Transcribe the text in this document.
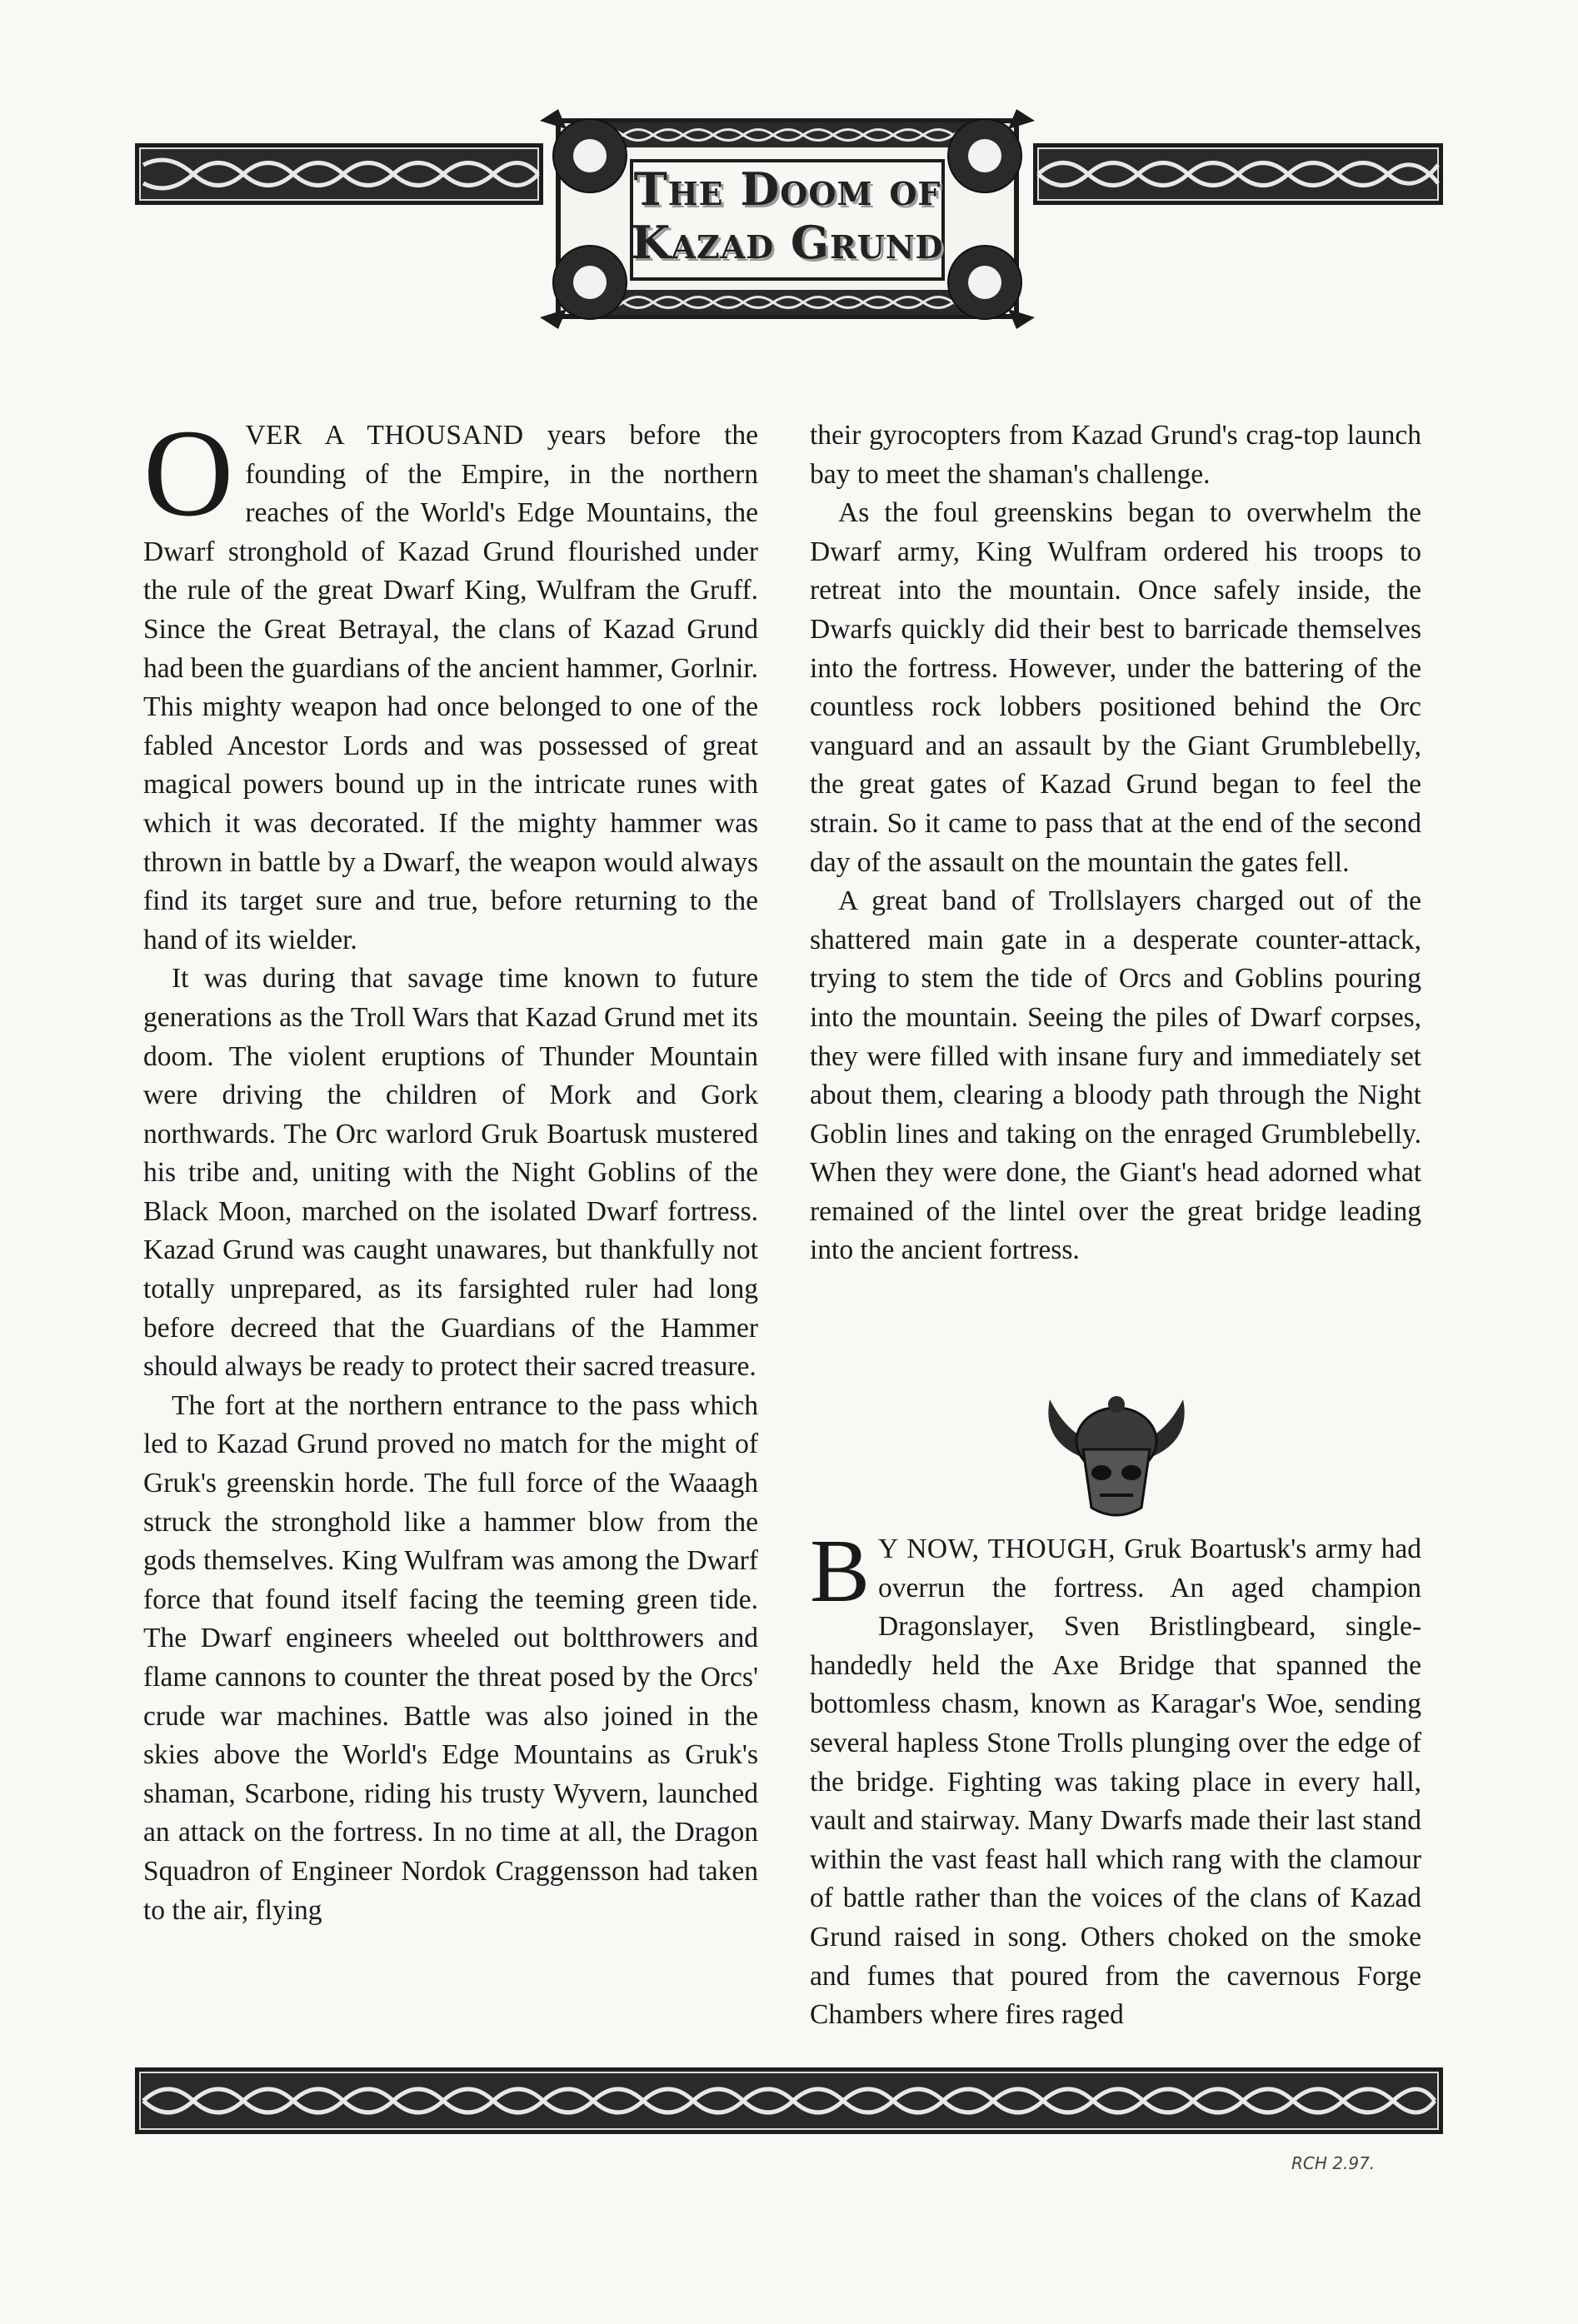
The Doom of
Kazad Grund

OVER A THOUSAND years before the founding of the Empire, in the northern reaches of the World's Edge Mountains, the Dwarf stronghold of Kazad Grund flourished under the rule of the great Dwarf King, Wulfram the Gruff. Since the Great Betrayal, the clans of Kazad Grund had been the guardians of the ancient hammer, Gorlnir. This mighty weapon had once belonged to one of the fabled Ancestor Lords and was possessed of great magical powers bound up in the intricate runes with which it was decorated. If the mighty hammer was thrown in battle by a Dwarf, the weapon would always find its target sure and true, before returning to the hand of its wielder.

It was during that savage time known to future generations as the Troll Wars that Kazad Grund met its doom. The violent eruptions of Thunder Mountain were driving the children of Mork and Gork northwards. The Orc warlord Gruk Boartusk mustered his tribe and, uniting with the Night Goblins of the Black Moon, marched on the isolated Dwarf fortress. Kazad Grund was caught unawares, but thankfully not totally unprepared, as its farsighted ruler had long before decreed that the Guardians of the Hammer should always be ready to protect their sacred treasure.

The fort at the northern entrance to the pass which led to Kazad Grund proved no match for the might of Gruk's greenskin horde. The full force of the Waaagh struck the stronghold like a hammer blow from the gods themselves. King Wulfram was among the Dwarf force that found itself facing the teeming green tide. The Dwarf engineers wheeled out boltthrowers and flame cannons to counter the threat posed by the Orcs' crude war machines. Battle was also joined in the skies above the World's Edge Mountains as Gruk's shaman, Scarbone, riding his trusty Wyvern, launched an attack on the fortress. In no time at all, the Dragon Squadron of Engineer Nordok Craggensson had taken to the air, flying

their gyrocopters from Kazad Grund's crag-top launch bay to meet the shaman's challenge.

As the foul greenskins began to overwhelm the Dwarf army, King Wulfram ordered his troops to retreat into the mountain. Once safely inside, the Dwarfs quickly did their best to barricade themselves into the fortress. However, under the battering of the countless rock lobbers positioned behind the Orc vanguard and an assault by the Giant Grumblebelly, the great gates of Kazad Grund began to feel the strain. So it came to pass that at the end of the second day of the assault on the mountain the gates fell.

A great band of Trollslayers charged out of the shattered main gate in a desperate counter-attack, trying to stem the tide of Orcs and Goblins pouring into the mountain. Seeing the piles of Dwarf corpses, they were filled with insane fury and immediately set about them, clearing a bloody path through the Night Goblin lines and taking on the enraged Grumblebelly. When they were done, the Giant's head adorned what remained of the lintel over the great bridge leading into the ancient fortress.

B Y NOW, THOUGH, Gruk Boartusk's army had overrun the fortress. An aged champion Dragonslayer, Sven Bristlingbeard, single-handedly held the Axe Bridge that spanned the bottomless chasm, known as Karagar's Woe, sending several hapless Stone Trolls plunging over the edge of the bridge. Fighting was taking place in every hall, vault and stairway. Many Dwarfs made their last stand within the vast feast hall which rang with the clamour of battle rather than the voices of the clans of Kazad Grund raised in song. Others choked on the smoke and fumes that poured from the cavernous Forge Chambers where fires raged

RCH 2.97.
